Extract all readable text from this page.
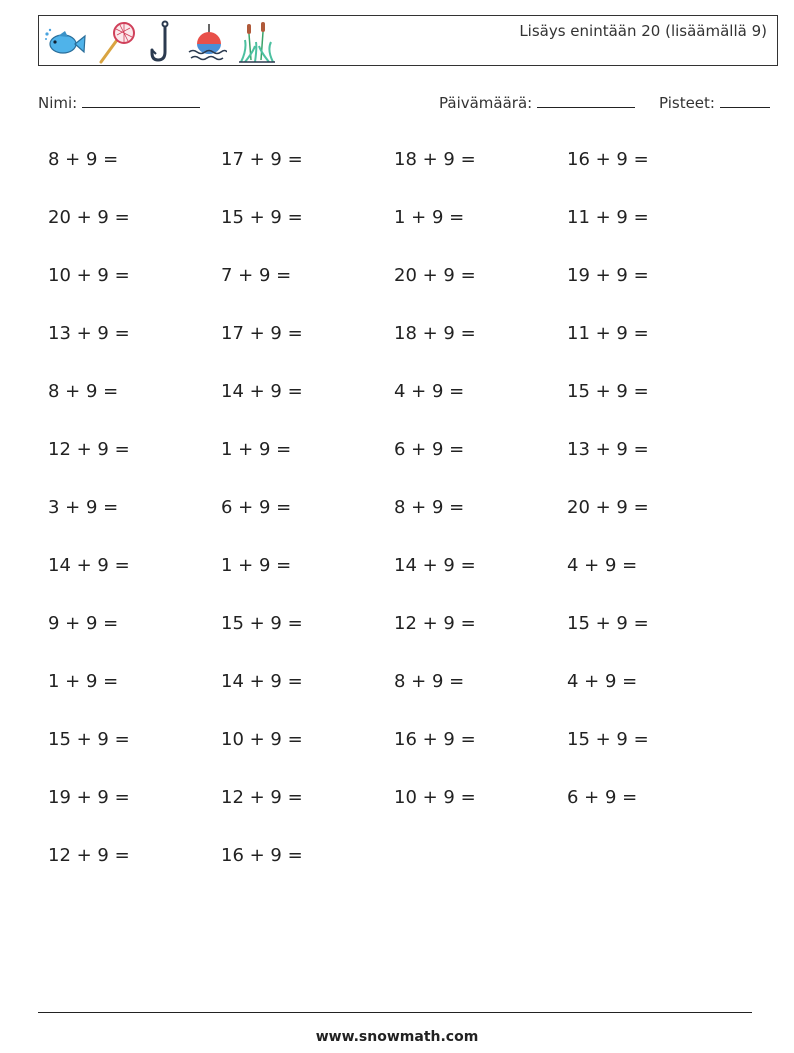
Lisäys enintään 20 (lisäämällä 9)
Nimi:	Päivämäärä:	Pisteet:
8 + 9 =	17 + 9 =	18 + 9 =	16 + 9 =
20 + 9 =	15 + 9 =	1 + 9 =	11 + 9 =
10 + 9 =	7 + 9 =	20 + 9 =	19 + 9 =
13 + 9 =	17 + 9 =	18 + 9 =	11 + 9 =
8 + 9 =	14 + 9 =	4 + 9 =	15 + 9 =
12 + 9 =	1 + 9 =	6 + 9 =	13 + 9 =
3 + 9 =	6 + 9 =	8 + 9 =	20 + 9 =
14 + 9 =	1 + 9 =	14 + 9 =	4 + 9 =
9 + 9 =	15 + 9 =	12 + 9 =	15 + 9 =
1 + 9 =	14 + 9 =	8 + 9 =	4 + 9 =
15 + 9 =	10 + 9 =	16 + 9 =	15 + 9 =
19 + 9 =	12 + 9 =	10 + 9 =	6 + 9 =
12 + 9 =	16 + 9 =
www.snowmath.com
